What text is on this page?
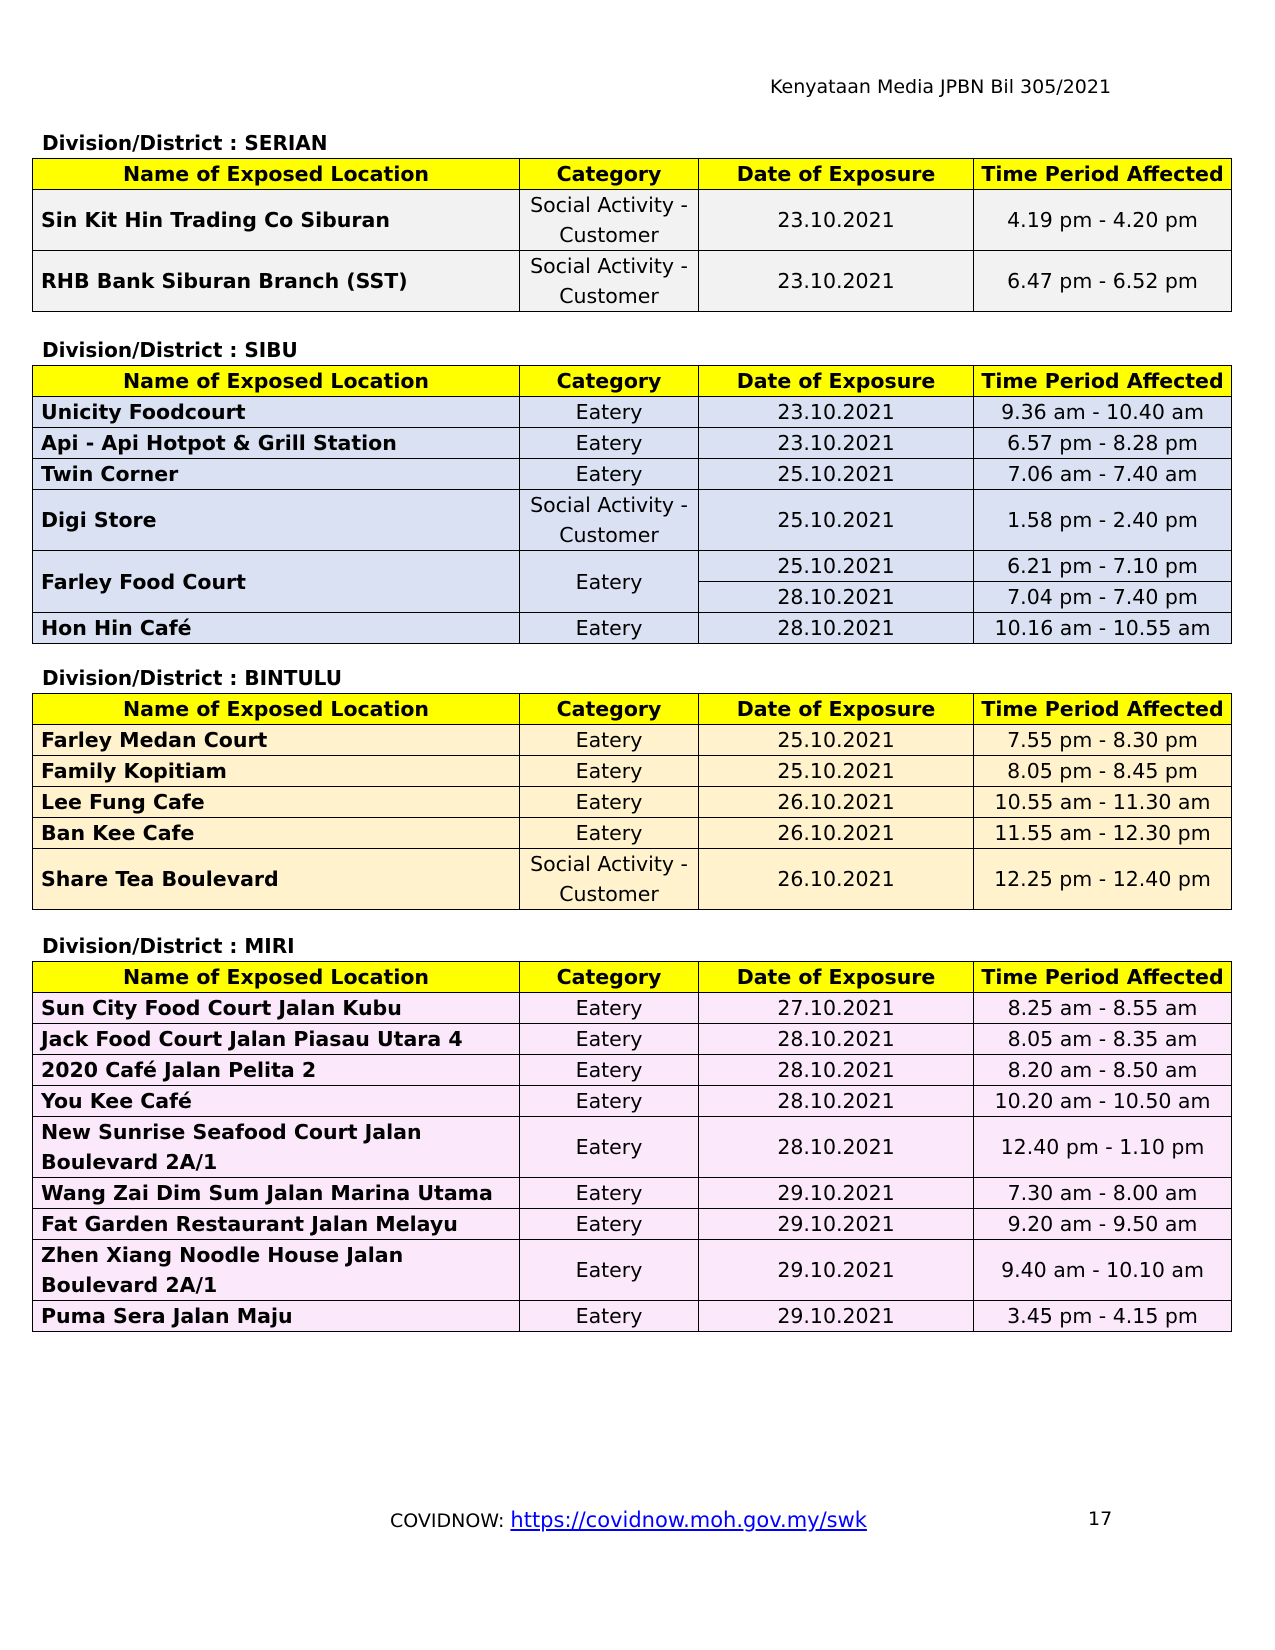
Kenyataan Media JPBN Bil 305/2021
Division/District : SERIAN
Name of Exposed Location	Category	Date of Exposure	Time Period Affected
Sin Kit Hin Trading Co Siburan	Social Activity - Customer	23.10.2021	4.19 pm - 4.20 pm
RHB Bank Siburan Branch (SST)	Social Activity - Customer	23.10.2021	6.47 pm - 6.52 pm
Division/District : SIBU
Name of Exposed Location	Category	Date of Exposure	Time Period Affected
Unicity Foodcourt	Eatery	23.10.2021	9.36 am - 10.40 am
Api - Api Hotpot & Grill Station	Eatery	23.10.2021	6.57 pm - 8.28 pm
Twin Corner	Eatery	25.10.2021	7.06 am - 7.40 am
Digi Store	Social Activity - Customer	25.10.2021	1.58 pm - 2.40 pm
Farley Food Court	Eatery	25.10.2021	6.21 pm - 7.10 pm
		28.10.2021	7.04 pm - 7.40 pm
Hon Hin Café	Eatery	28.10.2021	10.16 am - 10.55 am
Division/District : BINTULU
Name of Exposed Location	Category	Date of Exposure	Time Period Affected
Farley Medan Court	Eatery	25.10.2021	7.55 pm - 8.30 pm
Family Kopitiam	Eatery	25.10.2021	8.05 pm - 8.45 pm
Lee Fung Cafe	Eatery	26.10.2021	10.55 am - 11.30 am
Ban Kee Cafe	Eatery	26.10.2021	11.55 am - 12.30 pm
Share Tea Boulevard	Social Activity - Customer	26.10.2021	12.25 pm - 12.40 pm
Division/District : MIRI
Name of Exposed Location	Category	Date of Exposure	Time Period Affected
Sun City Food Court Jalan Kubu	Eatery	27.10.2021	8.25 am - 8.55 am
Jack Food Court Jalan Piasau Utara 4	Eatery	28.10.2021	8.05 am - 8.35 am
2020 Café Jalan Pelita 2	Eatery	28.10.2021	8.20 am - 8.50 am
You Kee Café	Eatery	28.10.2021	10.20 am - 10.50 am
New Sunrise Seafood Court Jalan Boulevard 2A/1	Eatery	28.10.2021	12.40 pm - 1.10 pm
Wang Zai Dim Sum Jalan Marina Utama	Eatery	29.10.2021	7.30 am - 8.00 am
Fat Garden Restaurant Jalan Melayu	Eatery	29.10.2021	9.20 am - 9.50 am
Zhen Xiang Noodle House Jalan Boulevard 2A/1	Eatery	29.10.2021	9.40 am - 10.10 am
Puma Sera Jalan Maju	Eatery	29.10.2021	3.45 pm - 4.15 pm
COVIDNOW: https://covidnow.moh.gov.my/swk	17
